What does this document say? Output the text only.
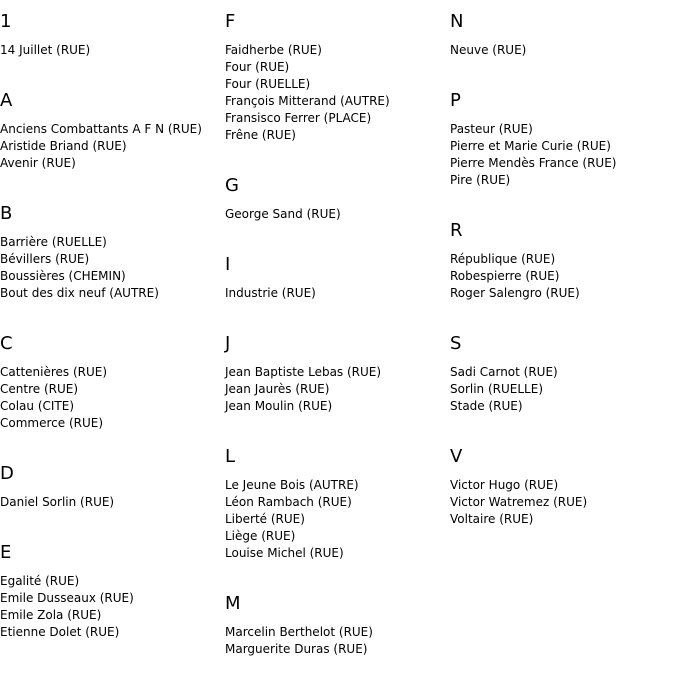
1
14 Juillet (RUE)
A
Anciens Combattants A F N (RUE)
Aristide Briand (RUE)
Avenir (RUE)
B
Barrière (RUELLE)
Bévillers (RUE)
Boussières (CHEMIN)
Bout des dix neuf (AUTRE)
C
Cattenières (RUE)
Centre (RUE)
Colau (CITE)
Commerce (RUE)
D
Daniel Sorlin (RUE)
E
Egalité (RUE)
Emile Dusseaux (RUE)
Emile Zola (RUE)
Etienne Dolet (RUE)
F
Faidherbe (RUE)
Four (RUE)
Four (RUELLE)
François Mitterand (AUTRE)
Fransisco Ferrer (PLACE)
Frêne (RUE)
G
George Sand (RUE)
I
Industrie (RUE)
J
Jean Baptiste Lebas (RUE)
Jean Jaurès (RUE)
Jean Moulin (RUE)
L
Le Jeune Bois (AUTRE)
Léon Rambach (RUE)
Liberté (RUE)
Liège (RUE)
Louise Michel (RUE)
M
Marcelin Berthelot (RUE)
Marguerite Duras (RUE)
N
Neuve (RUE)
P
Pasteur (RUE)
Pierre et Marie Curie (RUE)
Pierre Mendès France (RUE)
Pire (RUE)
R
République (RUE)
Robespierre (RUE)
Roger Salengro (RUE)
S
Sadi Carnot (RUE)
Sorlin (RUELLE)
Stade (RUE)
V
Victor Hugo (RUE)
Victor Watremez (RUE)
Voltaire (RUE)
